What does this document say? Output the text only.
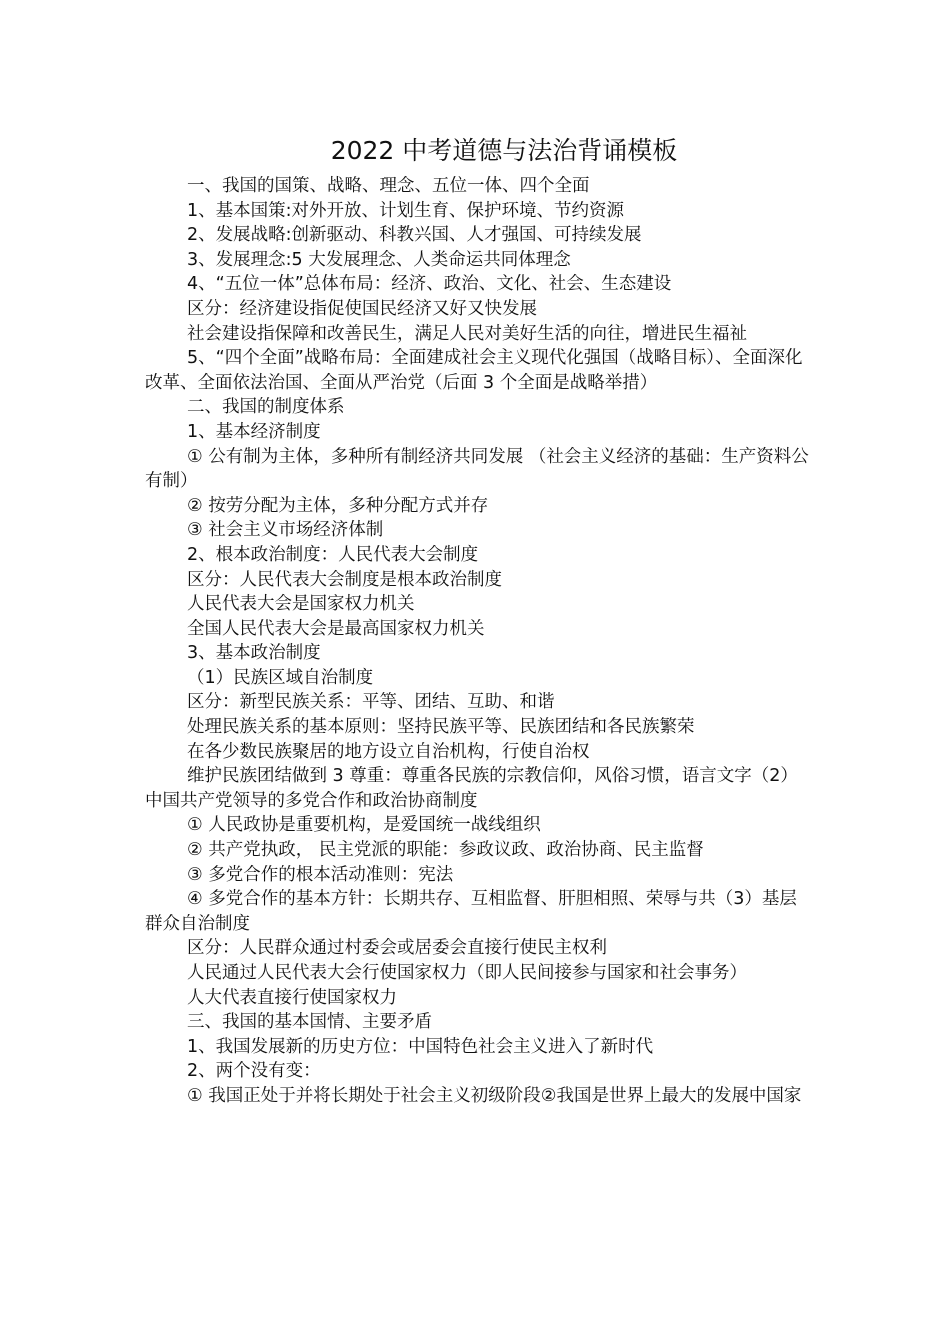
2022 中考道德与法治背诵模板

一、我国的国策、战略、理念、五位一体、四个全面

1、基本国策:对外开放、计划生育、保护环境、节约资源

2、发展战略:创新驱动、科教兴国、人才强国、可持续发展

3、发展理念:5 大发展理念、人类命运共同体理念

4、“五位一体”总体布局：经济、政治、文化、社会、生态建设

区分：经济建设指促使国民经济又好又快发展

社会建设指保障和改善民生，满足人民对美好生活的向往，增进民生福祉

5、“四个全面”战略布局：全面建成社会主义现代化强国（战略目标）、全面深化改革、全面依法治国、全面从严治党（后面 3 个全面是战略举措）

二、我国的制度体系

1、基本经济制度

① 公有制为主体，多种所有制经济共同发展 （社会主义经济的基础：生产资料公有制）

② 按劳分配为主体，多种分配方式并存

③ 社会主义市场经济体制

2、根本政治制度：人民代表大会制度

区分：人民代表大会制度是根本政治制度

人民代表大会是国家权力机关

全国人民代表大会是最高国家权力机关

3、基本政治制度

（1）民族区域自治制度

区分：新型民族关系：平等、团结、互助、和谐

处理民族关系的基本原则：坚持民族平等、民族团结和各民族繁荣

在各少数民族聚居的地方设立自治机构，行使自治权

维护民族团结做到 3 尊重：尊重各民族的宗教信仰，风俗习惯，语言文字（2）中国共产党领导的多党合作和政治协商制度

① 人民政协是重要机构，是爱国统一战线组织

② 共产党执政， 民主党派的职能：参政议政、政治协商、民主监督

③ 多党合作的根本活动准则：宪法

④ 多党合作的基本方针：长期共存、互相监督、肝胆相照、荣辱与共（3）基层群众自治制度

区分：人民群众通过村委会或居委会直接行使民主权利

人民通过人民代表大会行使国家权力（即人民间接参与国家和社会事务）

人大代表直接行使国家权力

三、我国的基本国情、主要矛盾

1、我国发展新的历史方位：中国特色社会主义进入了新时代

2、两个没有变：

① 我国正处于并将长期处于社会主义初级阶段②我国是世界上最大的发展中国家
